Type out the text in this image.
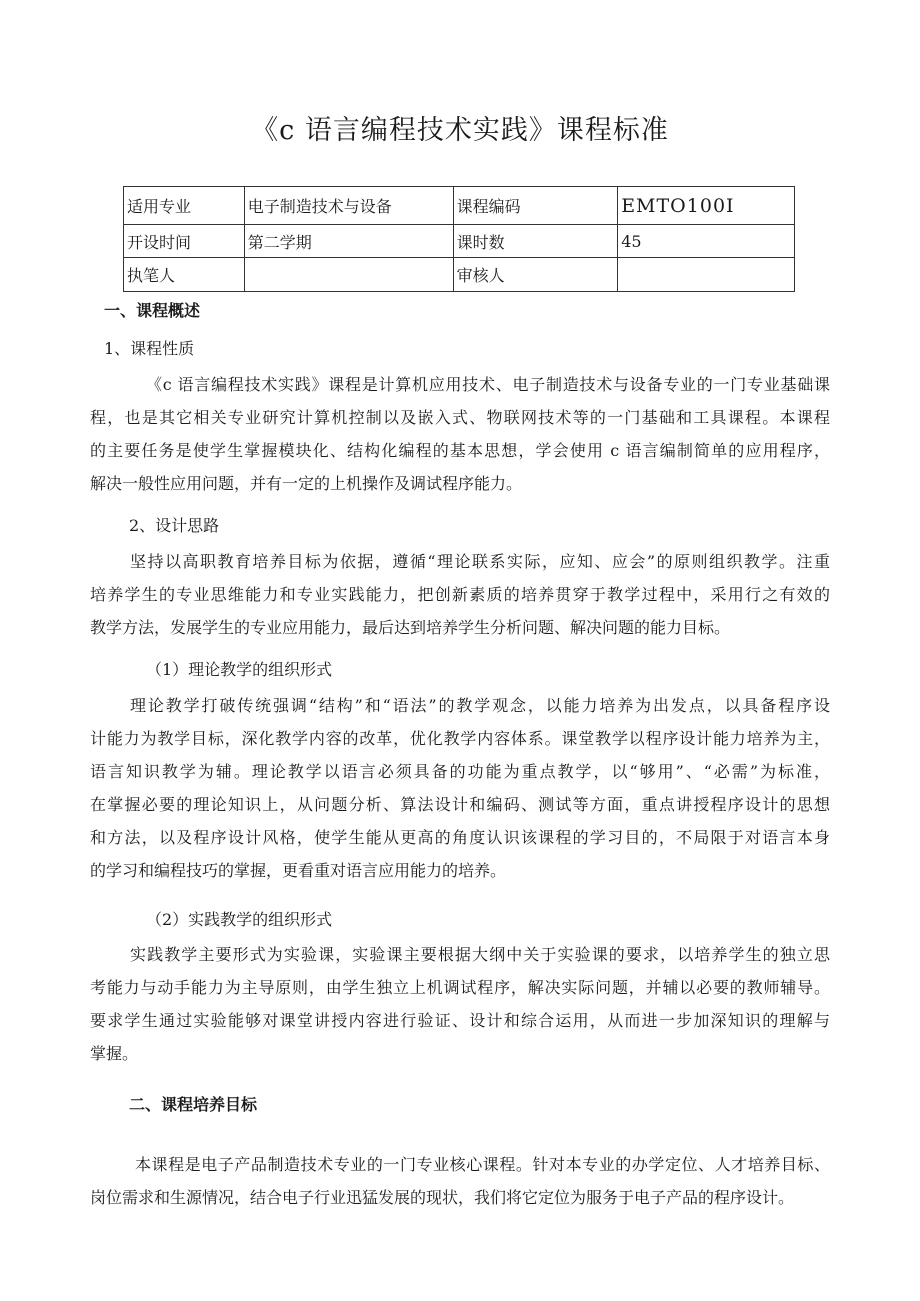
《c 语言编程技术实践》课程标准
适用专业	电子制造技术与设备	课程编码	EMTO100I
开设时间	第二学期	课时数	45
执笔人		审核人	

一、课程概述

1、课程性质

《c 语言编程技术实践》课程是计算机应用技术、电子制造技术与设备专业的一门专业基础课
程，也是其它相关专业研究计算机控制以及嵌入式、物联网技术等的一门基础和工具课程。本课程
的主要任务是使学生掌握模块化、结构化编程的基本思想，学会使用 c 语言编制简单的应用程序，
解决一般性应用问题，并有一定的上机操作及调试程序能力。

2、设计思路

坚持以高职教育培养目标为依据，遵循“理论联系实际，应知、应会”的原则组织教学。注重
培养学生的专业思维能力和专业实践能力，把创新素质的培养贯穿于教学过程中，采用行之有效的
教学方法，发展学生的专业应用能力，最后达到培养学生分析问题、解决问题的能力目标。

（1）理论教学的组织形式

理论教学打破传统强调“结构”和“语法”的教学观念，以能力培养为出发点，以具备程序设
计能力为教学目标，深化教学内容的改革，优化教学内容体系。课堂教学以程序设计能力培养为主，
语言知识教学为辅。理论教学以语言必须具备的功能为重点教学，以“够用”、“必需”为标准，
在掌握必要的理论知识上，从问题分析、算法设计和编码、测试等方面，重点讲授程序设计的思想
和方法，以及程序设计风格，使学生能从更高的角度认识该课程的学习目的，不局限于对语言本身
的学习和编程技巧的掌握，更看重对语言应用能力的培养。

（2）实践教学的组织形式

实践教学主要形式为实验课，实验课主要根据大纲中关于实验课的要求，以培养学生的独立思
考能力与动手能力为主导原则，由学生独立上机调试程序，解决实际问题，并辅以必要的教师辅导。
要求学生通过实验能够对课堂讲授内容进行验证、设计和综合运用，从而进一步加深知识的理解与
掌握。

二、课程培养目标

本课程是电子产品制造技术专业的一门专业核心课程。针对本专业的办学定位、人才培养目标、
岗位需求和生源情况，结合电子行业迅猛发展的现状，我们将它定位为服务于电子产品的程序设计。
